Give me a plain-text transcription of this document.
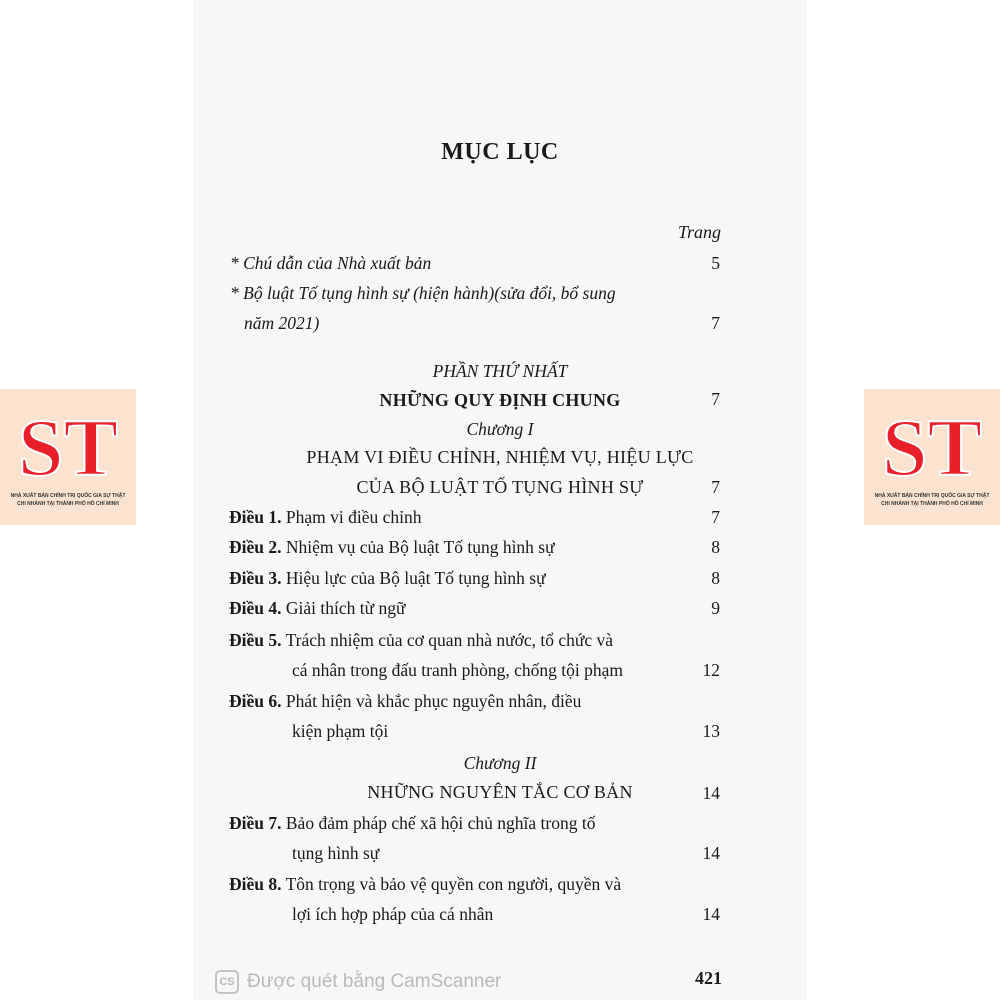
ST
NHÀ XUẤT BẢN CHÍNH TRỊ QUỐC GIA SỰ THẬT
CHI NHÁNH TẠI THÀNH PHỐ HỒ CHÍ MINH
ST
NHÀ XUẤT BẢN CHÍNH TRỊ QUỐC GIA SỰ THẬT
CHI NHÁNH TẠI THÀNH PHỐ HỒ CHÍ MINH
MỤC LỤC
Trang
* Chú dẫn của Nhà xuất bản	5
* Bộ luật Tố tụng hình sự (hiện hành)(sửa đổi, bổ sung
năm 2021)	7
PHẦN THỨ NHẤT
NHỮNG QUY ĐỊNH CHUNG	7
Chương I
PHẠM VI ĐIỀU CHỈNH, NHIỆM VỤ, HIỆU LỰC
CỦA BỘ LUẬT TỐ TỤNG HÌNH SỰ	7
Điều 1. Phạm vi điều chỉnh	7
Điều 2. Nhiệm vụ của Bộ luật Tố tụng hình sự	8
Điều 3. Hiệu lực của Bộ luật Tố tụng hình sự	8
Điều 4. Giải thích từ ngữ	9
Điều 5. Trách nhiệm của cơ quan nhà nước, tổ chức và
cá nhân trong đấu tranh phòng, chống tội phạm	12
Điều 6. Phát hiện và khắc phục nguyên nhân, điều
kiện phạm tội	13
Chương II
NHỮNG NGUYÊN TẮC CƠ BẢN	14
Điều 7. Bảo đảm pháp chế xã hội chủ nghĩa trong tố
tụng hình sự	14
Điều 8. Tôn trọng và bảo vệ quyền con người, quyền và
lợi ích hợp pháp của cá nhân	14
CS Được quét bằng CamScanner	421
